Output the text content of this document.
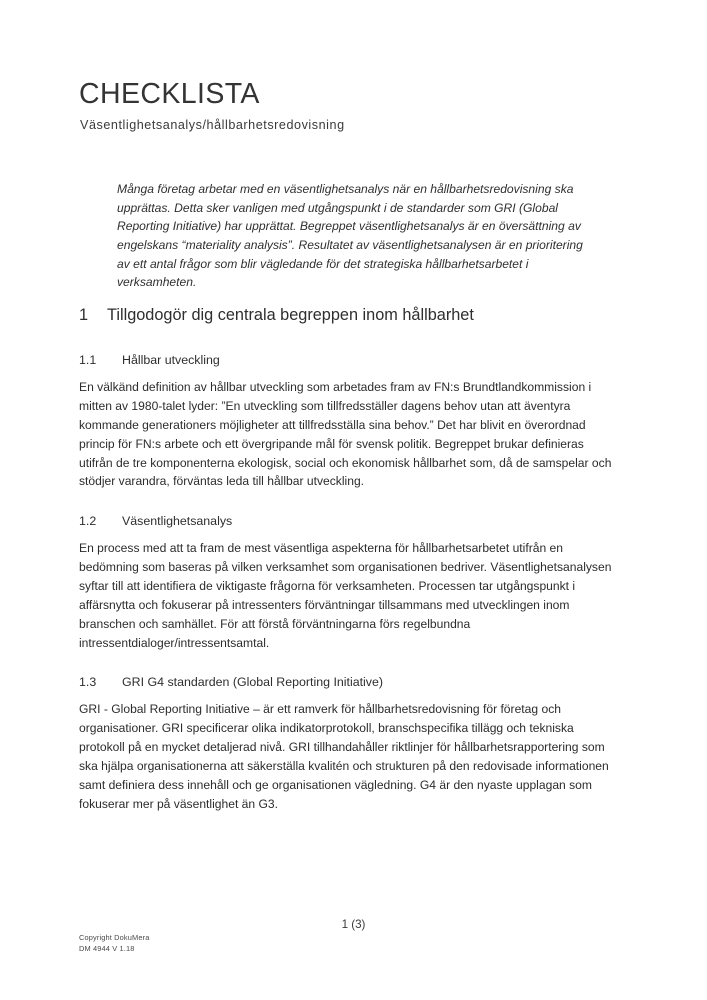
CHECKLISTA
Väsentlighetsanalys/hållbarhetsredovisning

Många företag arbetar med en väsentlighetsanalys när en hållbarhetsredovisning ska upprättas. Detta sker vanligen med utgångspunkt i de standarder som GRI (Global Reporting Initiative) har upprättat. Begreppet väsentlighetsanalys är en översättning av engelskans “materiality analysis”. Resultatet av väsentlighetsanalysen är en prioritering av ett antal frågor som blir vägledande för det strategiska hållbarhetsarbetet i verksamheten.

1	Tillgodogör dig centrala begreppen inom hållbarhet
1.1	Hållbar utveckling

En välkänd definition av hållbar utveckling som arbetades fram av FN:s Brundtlandkommission i mitten av 1980-talet lyder: ”En utveckling som tillfredsställer dagens behov utan att äventyra kommande generationers möjligheter att tillfredsställa sina behov.” Det har blivit en överordnad princip för FN:s arbete och ett övergripande mål för svensk politik. Begreppet brukar definieras utifrån de tre komponenterna ekologisk, social och ekonomisk hållbarhet som, då de samspelar och stödjer varandra, förväntas leda till hållbar utveckling.

1.2	Väsentlighetsanalys

En process med att ta fram de mest väsentliga aspekterna för hållbarhetsarbetet utifrån en bedömning som baseras på vilken verksamhet som organisationen bedriver. Väsentlighetsanalysen syftar till att identifiera de viktigaste frågorna för verksamheten. Processen tar utgångspunkt i affärsnytta och fokuserar på intressenters förväntningar tillsammans med utvecklingen inom branschen och samhället. För att förstå förväntningarna förs regelbundna intressentdialoger/intressentsamtal.

1.3	GRI G4 standarden (Global Reporting Initiative)

GRI - Global Reporting Initiative – är ett ramverk för hållbarhetsredovisning för företag och organisationer. GRI specificerar olika indikatorprotokoll, branschspecifika tillägg och tekniska protokoll på en mycket detaljerad nivå. GRI tillhandahåller riktlinjer för hållbarhetsrapportering som ska hjälpa organisationerna att säkerställa kvalitén och strukturen på den redovisade informationen samt definiera dess innehåll och ge organisationen vägledning. G4 är den nyaste upplagan som fokuserar mer på väsentlighet än G3.

1 (3)
Copyright DokuMera
DM 4944 V 1.18
